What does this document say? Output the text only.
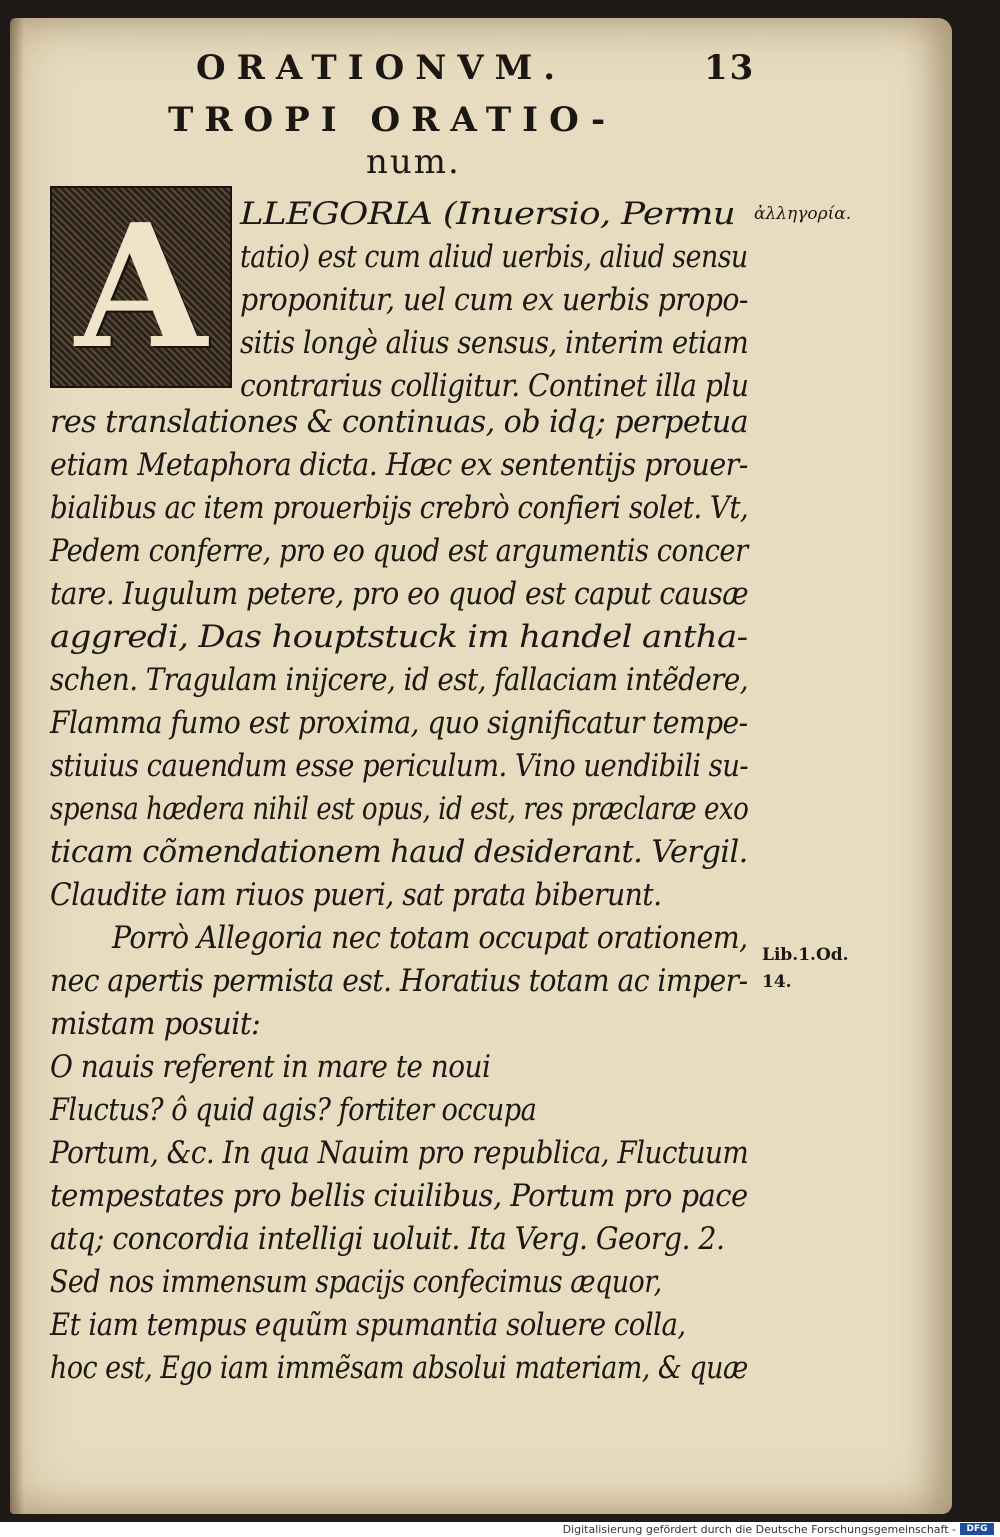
ORATIONVM.	13
TROPI ORATIO-
num.
A	ἀλληγορία.
Lib.1.Od.
14.
LLEGORIA (Inuersio, Permu
tatio) est cum aliud uerbis, aliud sensu
proponitur, uel cum ex uerbis propo-
sitis longè alius sensus, interim etiam
contrarius colligitur. Continet illa plu
res translationes & continuas, ob idq; perpetua
etiam Metaphora dicta. Hæc ex sententijs prouer-
bialibus ac item prouerbijs crebrò confieri solet. Vt,
Pedem conferre, pro eo quod est argumentis concer
tare. Iugulum petere, pro eo quod est caput causæ
aggredi, Das houptstuck im handel antha-
schen. Tragulam inijcere, id est, fallaciam intẽdere,
Flamma fumo est proxima, quo significatur tempe-
stiuius cauendum esse periculum. Vino uendibili su-
spensa hædera nihil est opus, id est, res præclaræ exo
ticam cõmendationem haud desiderant. Vergil.
Claudite iam riuos pueri, sat prata biberunt.
Porrò Allegoria nec totam occupat orationem,
nec apertis permista est. Horatius totam ac imper-
mistam posuit:
O nauis referent in mare te noui
Fluctus? ô quid agis? fortiter occupa
Portum, &c. In qua Nauim pro republica, Fluctuum
tempestates pro bellis ciuilibus, Portum pro pace
atq; concordia intelligi uoluit. Ita Verg. Georg. 2.
Sed nos immensum spacijs confecimus æquor,
Et iam tempus equũm spumantia soluere colla,
hoc est, Ego iam immẽsam absolui materiam, & quæ
Digitalisierung gefördert durch die Deutsche Forschungsgemeinschaft -	DFG
